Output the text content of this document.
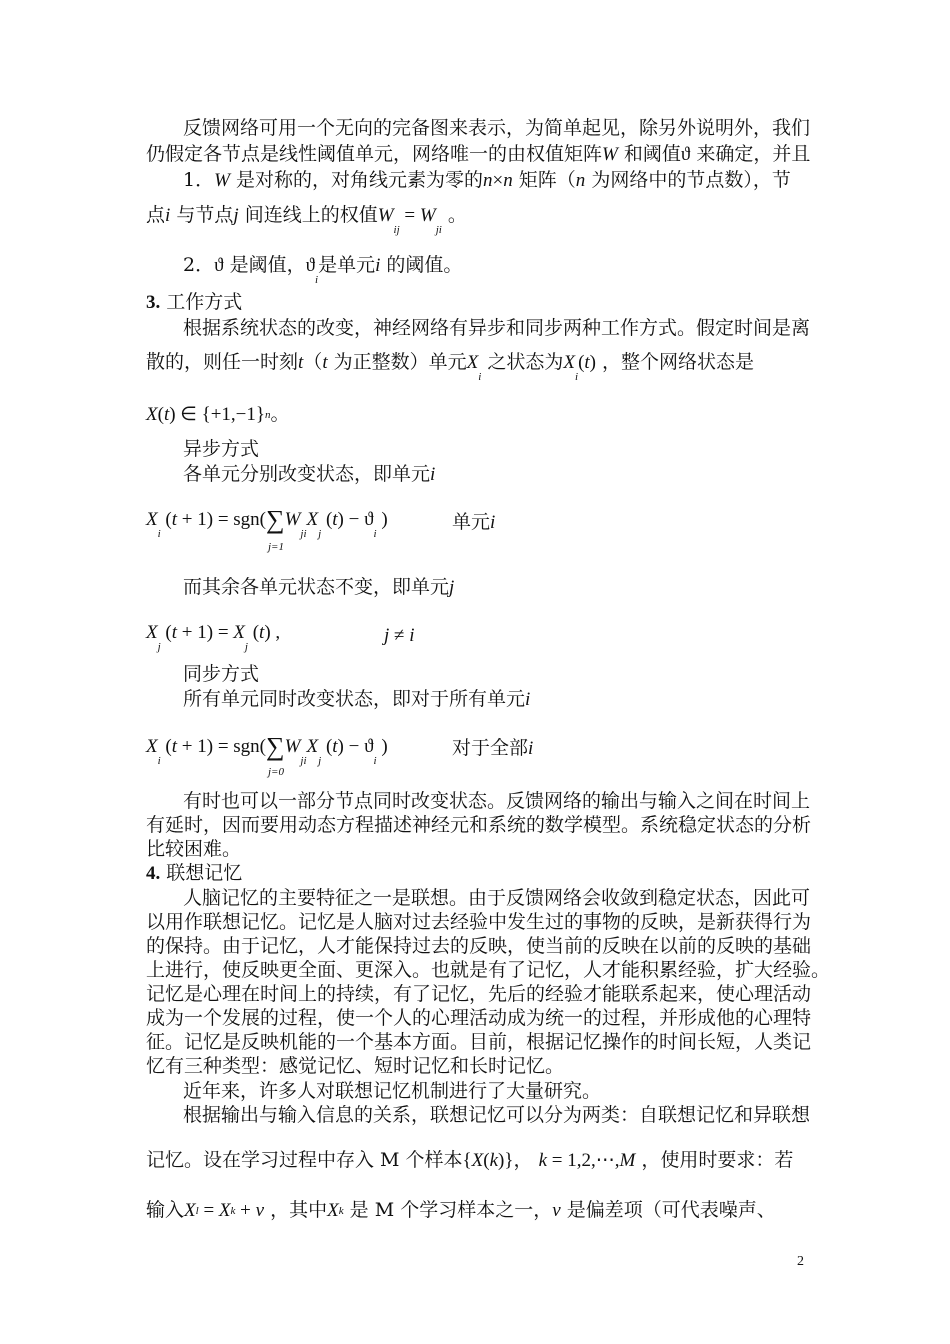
反馈网络可用一个无向的完备图来表示，为简单起见，除另外说明外，我们
仍假定各节点是线性阈值单元，网络唯一的由权值矩阵W 和阈值ϑ 来确定，并且
1．W 是对称的，对角线元素为零的n×n 矩阵（n 为网络中的节点数），节
点i 与节点j 间连线上的权值$W_{ij} = W_{ji}$ 。
2．ϑ 是阈值，$ϑ_i$是单元i 的阈值。
3. 工作方式
根据系统状态的改变，神经网络有异步和同步两种工作方式。假定时间是离
散的，则任一时刻t（t 为正整数）单元$X_i$ 之状态为$X_i(t)$ ，整个网络状态是
X(t) ∈ {+1,−1}n。
异步方式
各单元分别改变状态，即单元i
$X_i$ $(t + 1) = sgn(\sum W_{ji}X_j$ $(t) - ϑ_i$ )
j=1
单元i
而其余各单元状态不变，即单元j
$X_j$ $(t + 1) = X_j$ (t) ,	j ≠ i
同步方式
所有单元同时改变状态，即对于所有单元i
$X_i$ $(t + 1) = sgn(\sum W_{ji}X_j$ $(t) - ϑ_i$ )
j=0
对于全部i
有时也可以一部分节点同时改变状态。反馈网络的输出与输入之间在时间上
有延时，因而要用动态方程描述神经元和系统的数学模型。系统稳定状态的分析
比较困难。
4. 联想记忆
人脑记忆的主要特征之一是联想。由于反馈网络会收敛到稳定状态，因此可
以用作联想记忆。记忆是人脑对过去经验中发生过的事物的反映，是新获得行为
的保持。由于记忆，人才能保持过去的反映，使当前的反映在以前的反映的基础
上进行，使反映更全面、更深入。也就是有了记忆，人才能积累经验，扩大经验。
记忆是心理在时间上的持续，有了记忆，先后的经验才能联系起来，使心理活动
成为一个发展的过程，使一个人的心理活动成为统一的过程，并形成他的心理特
征。记忆是反映机能的一个基本方面。目前，根据记忆操作的时间长短，人类记
忆有三种类型：感觉记忆、短时记忆和长时记忆。
近年来，许多人对联想记忆机制进行了大量研究。
根据输出与输入信息的关系，联想记忆可以分为两类：自联想记忆和异联想
记忆。设在学习过程中存入 M 个样本{X(k)}， k = 1,2,⋯,M ，使用时要求：若
输入Xl = Xk + v ，其中Xk 是 M 个学习样本之一，v 是偏差项（可代表噪声、
2
